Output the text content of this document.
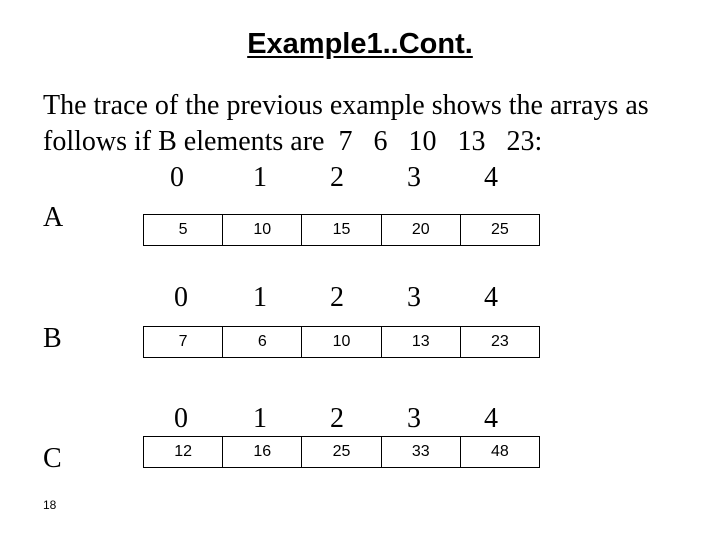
Example1..Cont.
The trace of the previous example shows the arrays as
follows if B elements are  7   6   10   13   23:
0	1	2	3	4
A	5	10	15	20	25
0	1	2	3	4
B	7	6	10	13	23
0	1	2	3	4
C	12	16	25	33	48
18
